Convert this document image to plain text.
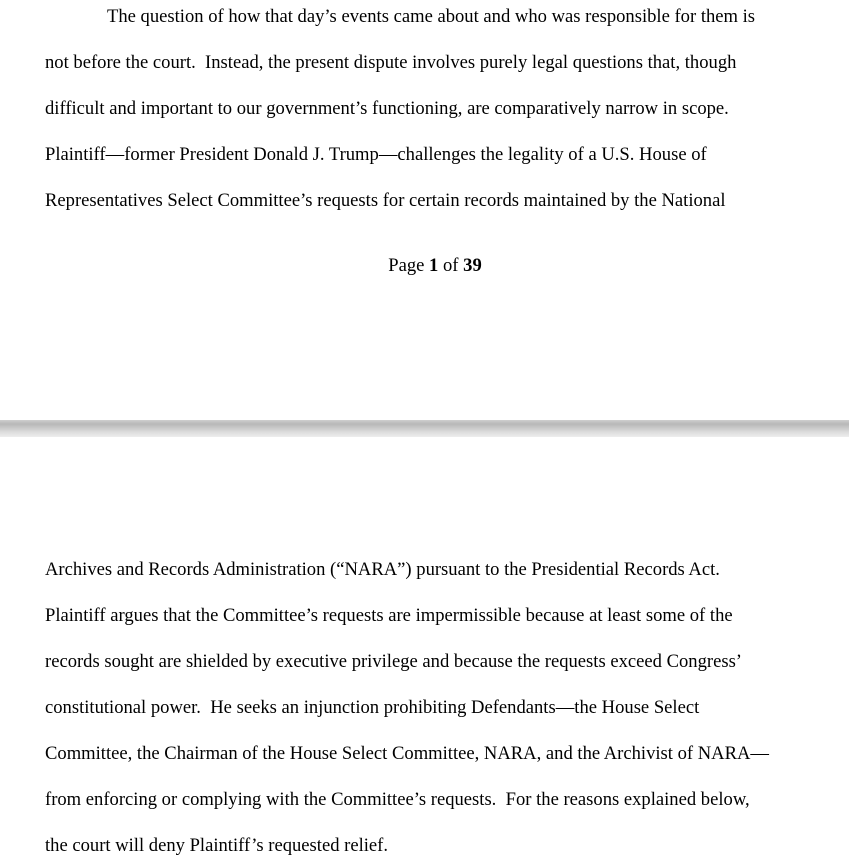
The question of how that day’s events came about and who was responsible for them is
not before the court.  Instead, the present dispute involves purely legal questions that, though
difficult and important to our government’s functioning, are comparatively narrow in scope.
Plaintiff—former President Donald J. Trump—challenges the legality of a U.S. House of
Representatives Select Committee’s requests for certain records maintained by the National
Page 1 of 39
Archives and Records Administration (“NARA”) pursuant to the Presidential Records Act.
Plaintiff argues that the Committee’s requests are impermissible because at least some of the
records sought are shielded by executive privilege and because the requests exceed Congress’
constitutional power.  He seeks an injunction prohibiting Defendants—the House Select
Committee, the Chairman of the House Select Committee, NARA, and the Archivist of NARA—
from enforcing or complying with the Committee’s requests.  For the reasons explained below,
the court will deny Plaintiff’s requested relief.
